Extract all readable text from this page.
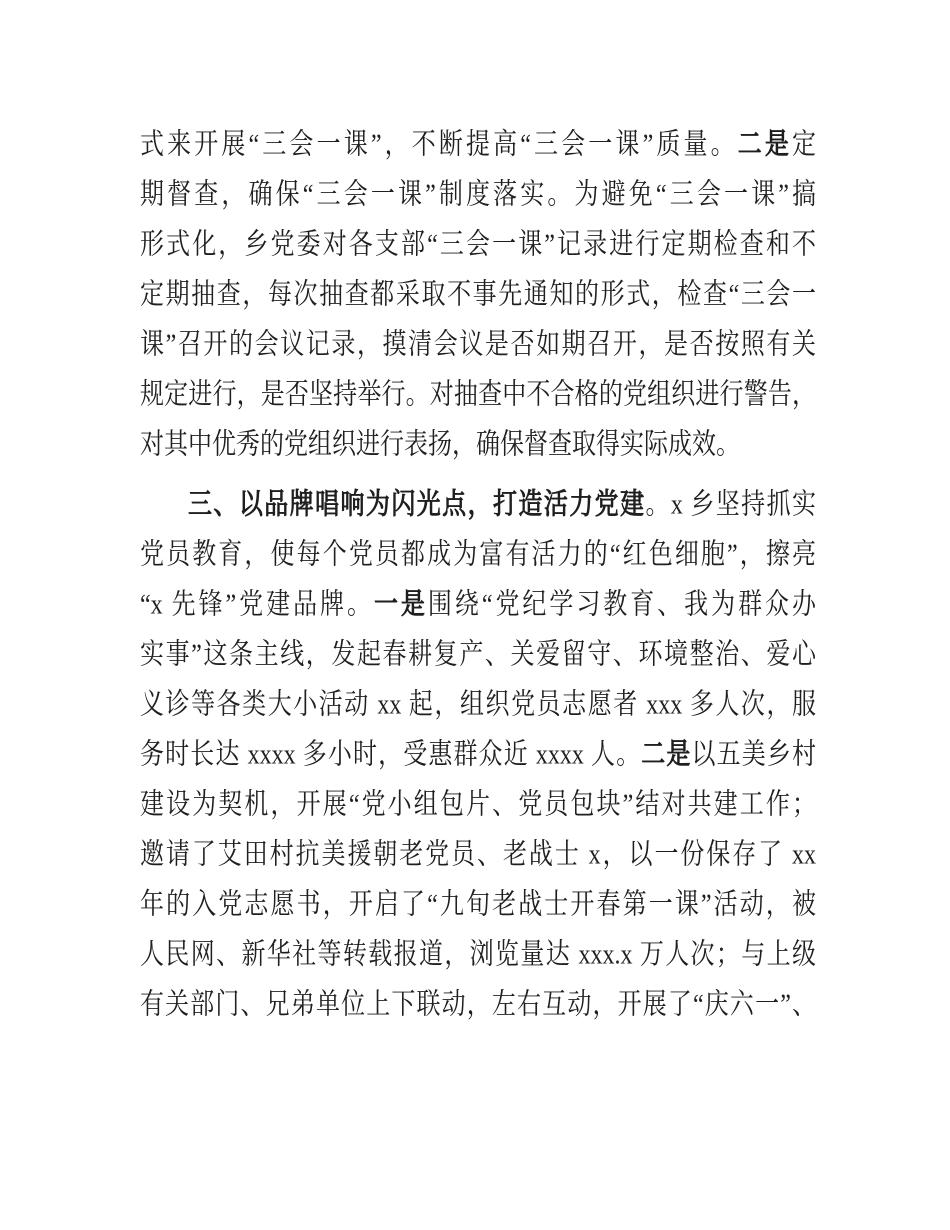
式来开展“三会一课”，不断提高“三会一课”质量。二是定
期督查，确保“三会一课”制度落实。为避免“三会一课”搞
形式化，乡党委对各支部“三会一课”记录进行定期检查和不
定期抽查，每次抽查都采取不事先通知的形式，检查“三会一
课”召开的会议记录，摸清会议是否如期召开，是否按照有关
规定进行，是否坚持举行。对抽查中不合格的党组织进行警告，
对其中优秀的党组织进行表扬，确保督查取得实际成效。
三、以品牌唱响为闪光点，打造活力党建。x 乡坚持抓实
党员教育，使每个党员都成为富有活力的“红色细胞”，擦亮
“x 先锋”党建品牌。一是围绕“党纪学习教育、我为群众办
实事”这条主线，发起春耕复产、关爱留守、环境整治、爱心
义诊等各类大小活动 xx 起，组织党员志愿者 xxx 多人次，服
务时长达 xxxx 多小时，受惠群众近 xxxx 人。二是以五美乡村
建设为契机，开展“党小组包片、党员包块”结对共建工作；
邀请了艾田村抗美援朝老党员、老战士 x，以一份保存了 xx
年的入党志愿书，开启了“九旬老战士开春第一课”活动，被
人民网、新华社等转载报道，浏览量达 xxx.x 万人次；与上级
有关部门、兄弟单位上下联动，左右互动，开展了“庆六一”、
